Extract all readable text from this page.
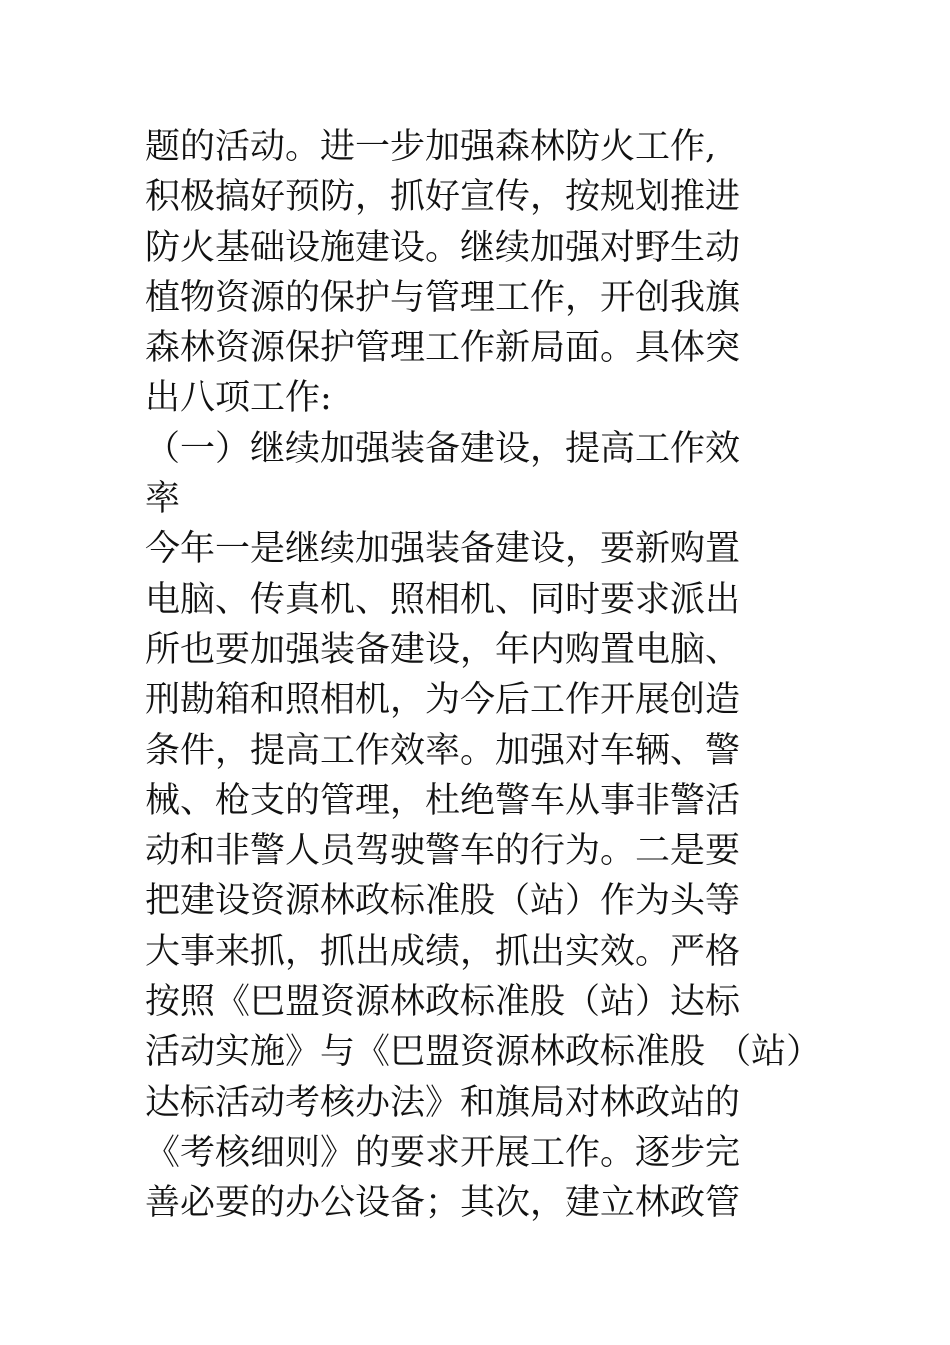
题的活动。进一步加强森林防火工作,
积极搞好预防，抓好宣传，按规划推进
防火基础设施建设。继续加强对野生动
植物资源的保护与管理工作，开创我旗
森林资源保护管理工作新局面。具体突
出八项工作:
（一）继续加强装备建设，提高工作效
率
今年一是继续加强装备建设，要新购置
电脑、传真机、照相机、同时要求派出
所也要加强装备建设，年内购置电脑、
刑勘箱和照相机，为今后工作开展创造
条件，提高工作效率。加强对车辆、警
械、枪支的管理，杜绝警车从事非警活
动和非警人员驾驶警车的行为。二是要
把建设资源林政标准股（站）作为头等
大事来抓，抓出成绩，抓出实效。严格
按照《巴盟资源林政标准股（站）达标
活动实施》与《巴盟资源林政标准股 （站）
达标活动考核办法》和旗局对林政站的
《考核细则》的要求开展工作。逐步完
善必要的办公设备；其次，建立林政管
